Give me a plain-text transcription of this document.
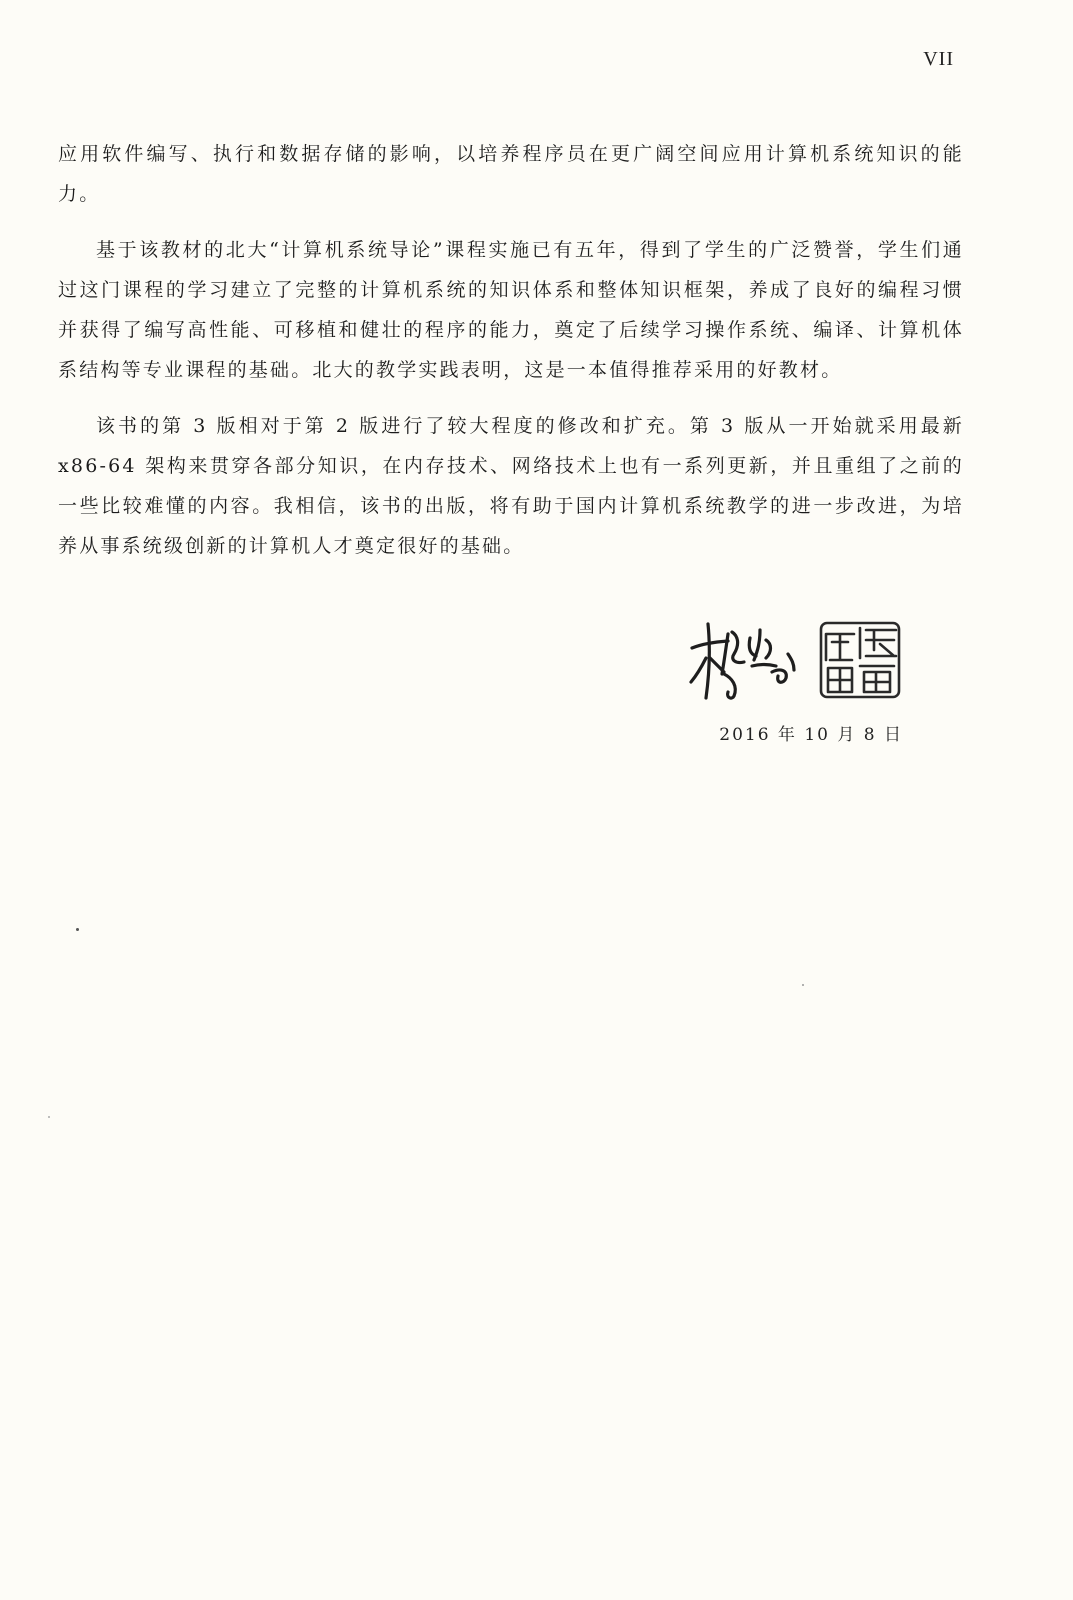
VII

应用软件编写、执行和数据存储的影响，以培养程序员在更广阔空间应用计算机系统知识的能力。

基于该教材的北大“计算机系统导论”课程实施已有五年，得到了学生的广泛赞誉，学生们通过这门课程的学习建立了完整的计算机系统的知识体系和整体知识框架，养成了良好的编程习惯并获得了编写高性能、可移植和健壮的程序的能力，奠定了后续学习操作系统、编译、计算机体系结构等专业课程的基础。北大的教学实践表明，这是一本值得推荐采用的好教材。

该书的第 3 版相对于第 2 版进行了较大程度的修改和扩充。第 3 版从一开始就采用最新 x86-64 架构来贯穿各部分知识，在内存技术、网络技术上也有一系列更新，并且重组了之前的一些比较难懂的内容。我相信，该书的出版，将有助于国内计算机系统教学的进一步改进，为培养从事系统级创新的计算机人才奠定很好的基础。

2016 年 10 月 8 日
